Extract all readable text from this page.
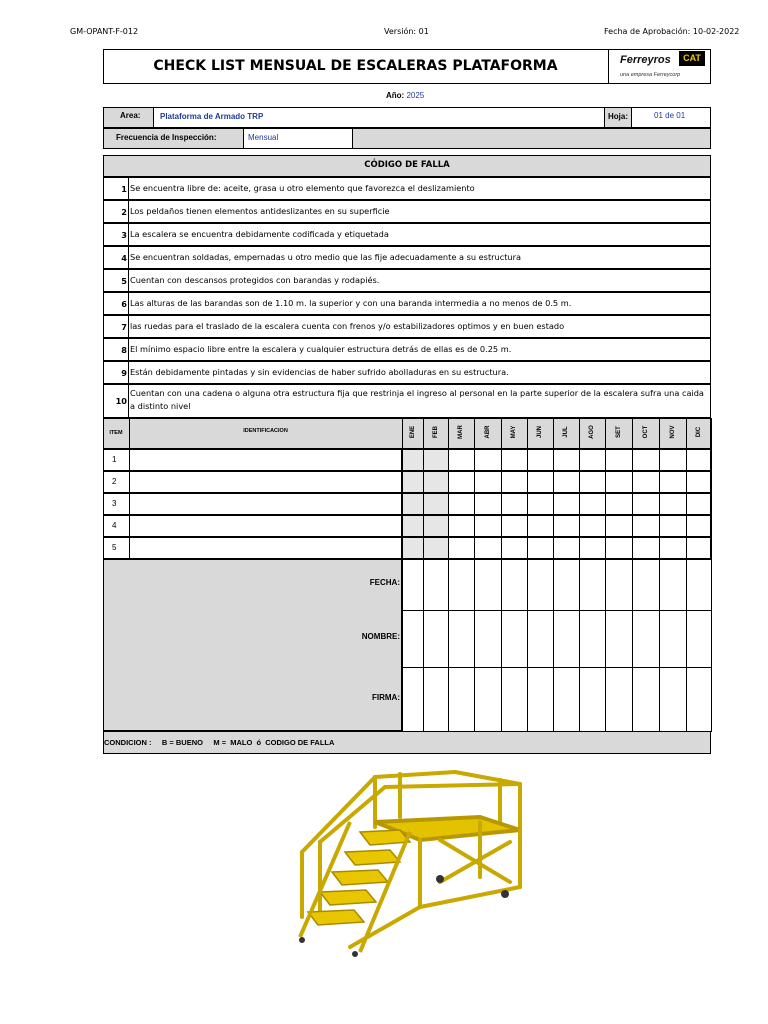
GM-OPANT-F-012	Versión: 01	Fecha de Aprobación: 10-02-2022
CHECK LIST MENSUAL DE ESCALERAS PLATAFORMA	Ferreyros	CAT
una empresa Ferreycorp
Año: 2025
Area: Plataforma de Armado TRP	Hoja:	01 de 01
Frecuencia de Inspección:	Mensual
CÓDIGO DE FALLA
1 Se encuentra libre de: aceite, grasa u otro elemento que favorezca el deslizamiento
2 Los peldaños tienen elementos antideslizantes en su superficie
3 La escalera se encuentra debidamente codificada y etiquetada
4 Se encuentran soldadas, empernadas u otro medio que las fije adecuadamente a su estructura
5 Cuentan con descansos protegidos con barandas y rodapiés.
6 Las alturas de las barandas son de 1.10 m. la superior y con una baranda intermedia a no menos de 0.5 m.
7 las ruedas para el traslado de la escalera cuenta con frenos y/o estabilizadores optimos y en buen estado
8 El mínimo espacio libre entre la escalera y cualquier estructura detrás de ellas es de 0.25 m.
9 Están debidamente pintadas y sin evidencias de haber sufrido abolladuras en su estructura.
10
Cuentan con una cadena o alguna otra estructura fija que restrinja el ingreso al personal en la parte superior de la escalera sufra una caida a distinto nivel
ITEM	IDENTIFICACION	ENE	FEB	MAR	ABR	MAY	JUN	JUL	AGO	SET	OCT	NOV	DIC
1
2
3
4
5
FECHA:
NOMBRE:
FIRMA:
CONDICION :     B = BUENO     M =  MALO  ó  CODIGO DE FALLA
